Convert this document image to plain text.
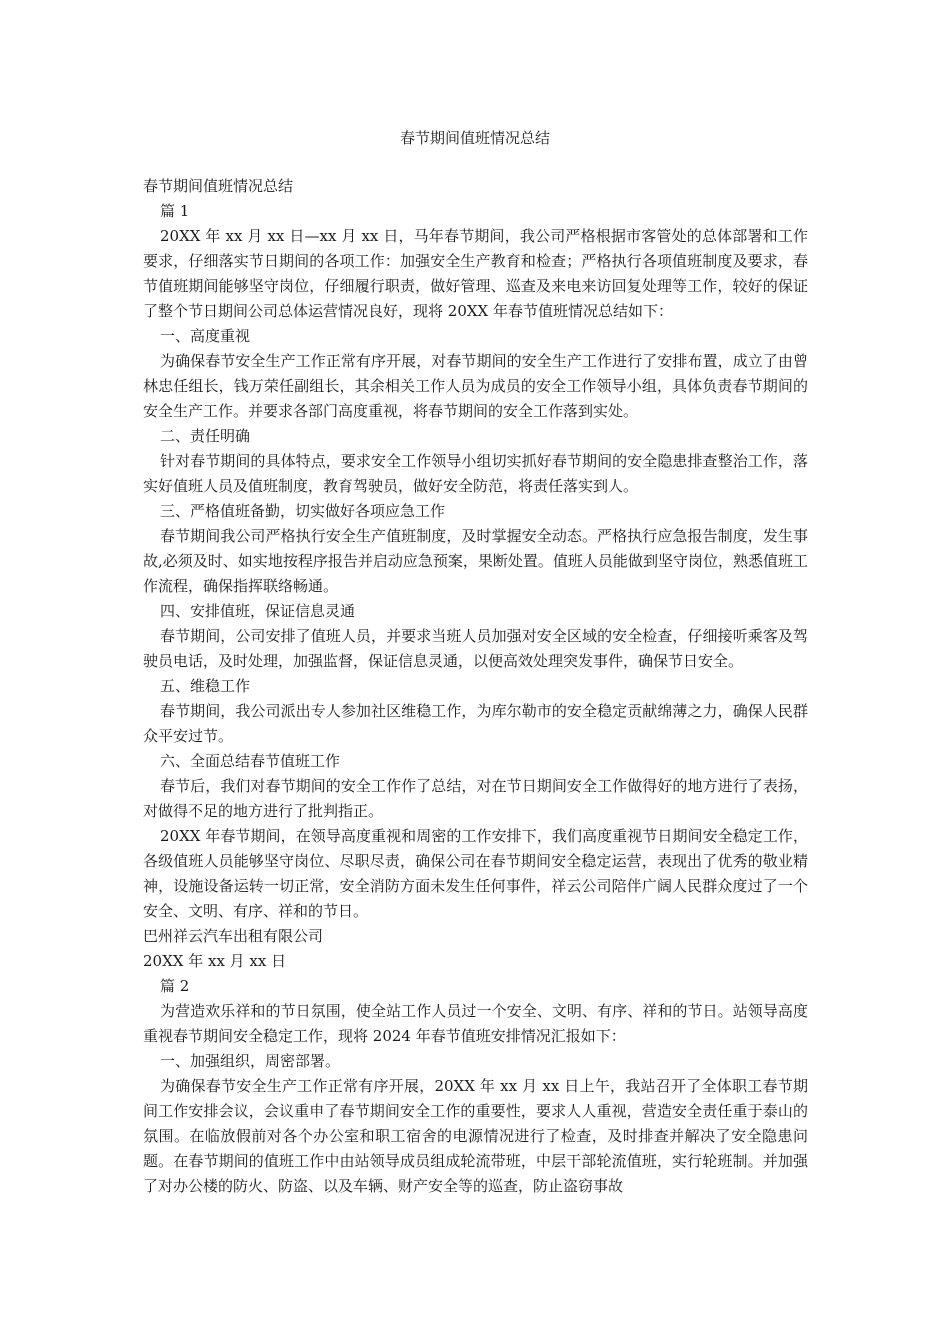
春节期间值班情况总结

春节期间值班情况总结

篇 1

20XX 年 xx 月 xx 日—xx 月 xx 日，马年春节期间，我公司严格根据市客管处的总体部署和工作要求，仔细落实节日期间的各项工作：加强安全生产教育和检查；严格执行各项值班制度及要求，春节值班期间能够坚守岗位，仔细履行职责，做好管理、巡查及来电来访回复处理等工作，较好的保证了整个节日期间公司总体运营情况良好，现将 20XX 年春节值班情况总结如下：

一、高度重视

为确保春节安全生产工作正常有序开展，对春节期间的安全生产工作进行了安排布置，成立了由曾林忠任组长，钱万荣任副组长，其余相关工作人员为成员的安全工作领导小组，具体负责春节期间的安全生产工作。并要求各部门高度重视，将春节期间的安全工作落到实处。

二、责任明确

针对春节期间的具体特点，要求安全工作领导小组切实抓好春节期间的安全隐患排查整治工作，落实好值班人员及值班制度，教育驾驶员，做好安全防范，将责任落实到人。

三、严格值班备勤，切实做好各项应急工作

春节期间我公司严格执行安全生产值班制度，及时掌握安全动态。严格执行应急报告制度，发生事故,必须及时、如实地按程序报告并启动应急预案，果断处置。值班人员能做到坚守岗位，熟悉值班工作流程，确保指挥联络畅通。

四、安排值班，保证信息灵通

春节期间，公司安排了值班人员，并要求当班人员加强对安全区域的安全检查，仔细接听乘客及驾驶员电话，及时处理，加强监督，保证信息灵通，以便高效处理突发事件，确保节日安全。

五、维稳工作

春节期间，我公司派出专人参加社区维稳工作，为库尔勒市的安全稳定贡献绵薄之力，确保人民群众平安过节。

六、全面总结春节值班工作

春节后，我们对春节期间的安全工作作了总结，对在节日期间安全工作做得好的地方进行了表扬，对做得不足的地方进行了批判指正。

20XX 年春节期间，在领导高度重视和周密的工作安排下，我们高度重视节日期间安全稳定工作，各级值班人员能够坚守岗位、尽职尽责，确保公司在春节期间安全稳定运营，表现出了优秀的敬业精神，设施设备运转一切正常，安全消防方面未发生任何事件，祥云公司陪伴广阔人民群众度过了一个安全、文明、有序、祥和的节日。

巴州祥云汽车出租有限公司

20XX 年 xx 月 xx 日

篇 2

为营造欢乐祥和的节日氛围，使全站工作人员过一个安全、文明、有序、祥和的节日。站领导高度重视春节期间安全稳定工作，现将 2024 年春节值班安排情况汇报如下：

一、加强组织，周密部署。

为确保春节安全生产工作正常有序开展，20XX 年 xx 月 xx 日上午，我站召开了全体职工春节期间工作安排会议，会议重申了春节期间安全工作的重要性，要求人人重视，营造安全责任重于泰山的氛围。在临放假前对各个办公室和职工宿舍的电源情况进行了检查，及时排查并解决了安全隐患问题。在春节期间的值班工作中由站领导成员组成轮流带班，中层干部轮流值班，实行轮班制。并加强了对办公楼的防火、防盗、以及车辆、财产安全等的巡查，防止盗窃事故
